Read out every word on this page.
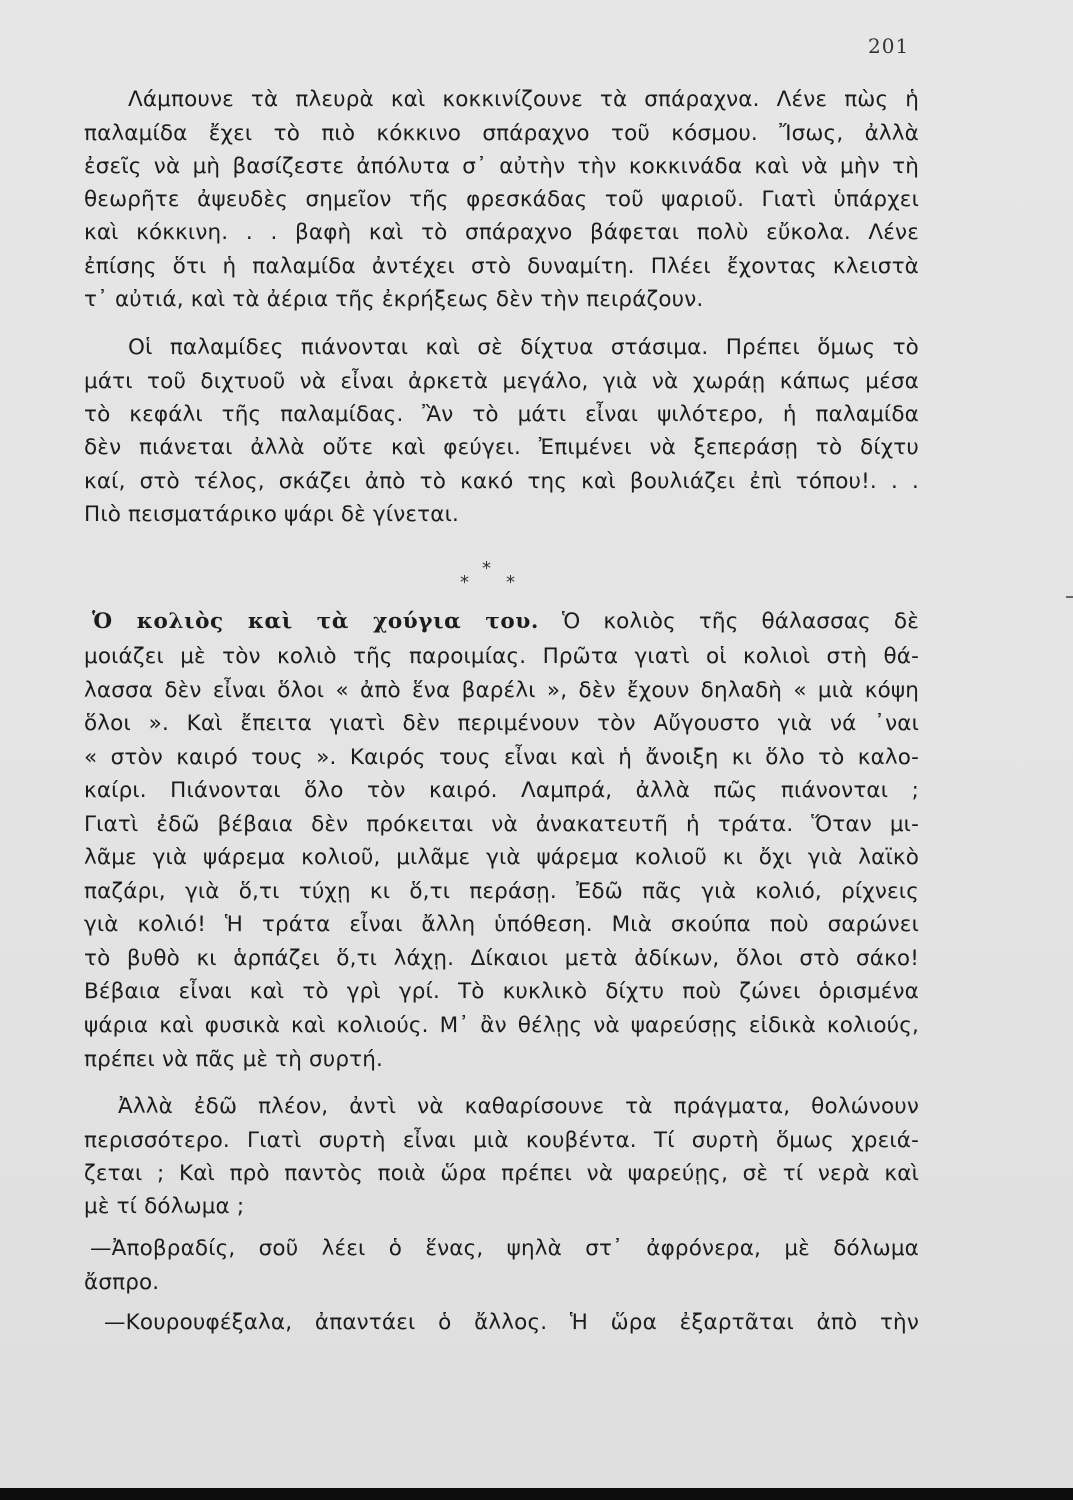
201
Λάμπουνε τὰ πλευρὰ καὶ κοκκινίζουνε τὰ σπάραχνα. Λένε πὼς ἡ
παλαμίδα ἔχει τὸ πιὸ κόκκινο σπάραχνο τοῦ κόσμου. Ἴσως, ἀλλὰ
ἐσεῖς νὰ μὴ βασίζεστε ἀπόλυτα σ᾿ αὐτὴν τὴν κοκκινάδα καὶ νὰ μὴν τὴ
θεωρῆτε ἀψευδὲς σημεῖον τῆς φρεσκάδας τοῦ ψαριοῦ. Γιατὶ ὑπάρχει
καὶ κόκκινη. . . βαφὴ καὶ τὸ σπάραχνο βάφεται πολὺ εὔκολα. Λένε
ἐπίσης ὅτι ἡ παλαμίδα ἀντέχει στὸ δυναμίτη. Πλέει ἔχοντας κλειστὰ
τ᾿ αὐτιά, καὶ τὰ ἀέρια τῆς ἐκρήξεως δὲν τὴν πειράζουν.
Οἱ παλαμίδες πιάνονται καὶ σὲ δίχτυα στάσιμα. Πρέπει ὅμως τὸ
μάτι τοῦ διχτυοῦ νὰ εἶναι ἀρκετὰ μεγάλο, γιὰ νὰ χωράῃ κάπως μέσα
τὸ κεφάλι τῆς παλαμίδας. Ἂν τὸ μάτι εἶναι ψιλότερο, ἡ παλαμίδα
δὲν πιάνεται ἀλλὰ οὔτε καὶ φεύγει. Ἐπιμένει νὰ ξεπεράσῃ τὸ δίχτυ
καί, στὸ τέλος, σκάζει ἀπὸ τὸ κακό της καὶ βουλιάζει ἐπὶ τόπου!. . .
Πιὸ πεισματάρικο ψάρι δὲ γίνεται.
*
*
*
Ὁ κολιὸς καὶ τὰ χούγια του. Ὁ κολιὸς τῆς θάλασσας δὲ
μοιάζει μὲ τὸν κολιὸ τῆς παροιμίας. Πρῶτα γιατὶ οἱ κολιοὶ στὴ θά-
λασσα δὲν εἶναι ὅλοι « ἀπὸ ἕνα βαρέλι », δὲν ἔχουν δηλαδὴ « μιὰ κόψη
ὅλοι ». Καὶ ἔπειτα γιατὶ δὲν περιμένουν τὸν Αὔγουστο γιὰ νά ᾿ναι
« στὸν καιρό τους ». Καιρός τους εἶναι καὶ ἡ ἄνοιξη κι ὅλο τὸ καλο-
καίρι. Πιάνονται ὅλο τὸν καιρό. Λαμπρά, ἀλλὰ πῶς πιάνονται ;
Γιατὶ ἐδῶ βέβαια δὲν πρόκειται νὰ ἀνακατευτῆ ἡ τράτα. Ὅταν μι-
λᾶμε γιὰ ψάρεμα κολιοῦ, μιλᾶμε γιὰ ψάρεμα κολιοῦ κι ὄχι γιὰ λαϊκὸ
παζάρι, γιὰ ὅ,τι τύχῃ κι ὅ,τι περάσῃ. Ἐδῶ πᾶς γιὰ κολιό, ρίχνεις
γιὰ κολιό! Ἡ τράτα εἶναι ἄλλη ὑπόθεση. Μιὰ σκούπα ποὺ σαρώνει
τὸ βυθὸ κι ἁρπάζει ὅ,τι λάχῃ. Δίκαιοι μετὰ ἀδίκων, ὅλοι στὸ σάκο!
Βέβαια εἶναι καὶ τὸ γρὶ γρί. Τὸ κυκλικὸ δίχτυ ποὺ ζώνει ὁρισμένα
ψάρια καὶ φυσικὰ καὶ κολιούς. Μ᾿ ἂν θέλῃς νὰ ψαρεύσῃς εἰδικὰ κολιούς,
πρέπει νὰ πᾶς μὲ τὴ συρτή.
Ἀλλὰ ἐδῶ πλέον, ἀντὶ νὰ καθαρίσουνε τὰ πράγματα, θολώνουν
περισσότερο. Γιατὶ συρτὴ εἶναι μιὰ κουβέντα. Τί συρτὴ ὅμως χρειά-
ζεται ; Καὶ πρὸ παντὸς ποιὰ ὥρα πρέπει νὰ ψαρεύῃς, σὲ τί νερὰ καὶ
μὲ τί δόλωμα ;
—Ἀποβραδίς, σοῦ λέει ὁ ἕνας, ψηλὰ στ᾿ ἀφρόνερα, μὲ δόλωμα
ἄσπρο.
—Κουρουφέξαλα, ἀπαντάει ὁ ἄλλος. Ἡ ὥρα ἐξαρτᾶται ἀπὸ τὴν
